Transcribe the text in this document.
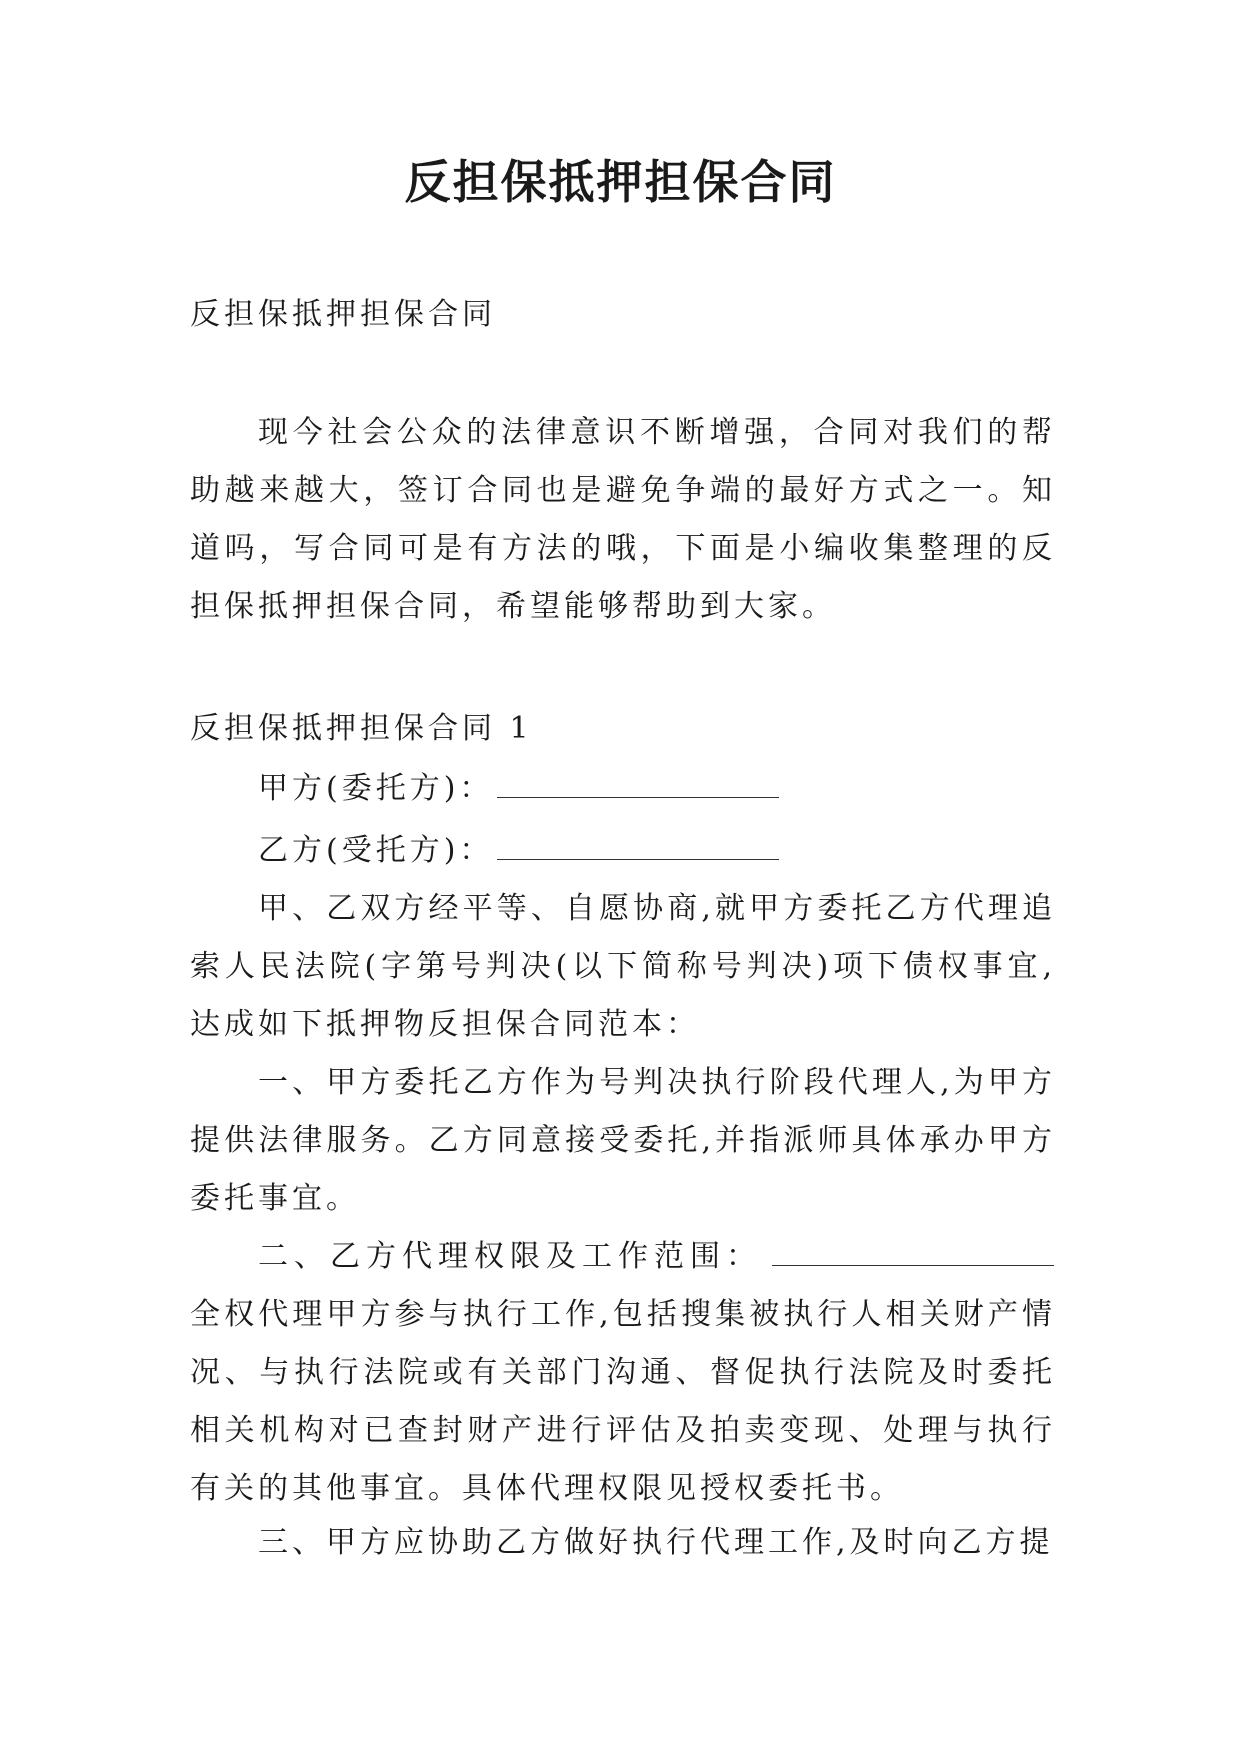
反担保抵押担保合同

反担保抵押担保合同

现今社会公众的法律意识不断增强，合同对我们的帮助越来越大，签订合同也是避免争端的最好方式之一。知道吗，写合同可是有方法的哦，下面是小编收集整理的反担保抵押担保合同，希望能够帮助到大家。

反担保抵押担保合同 1

甲方(委托方)：

乙方(受托方)：

甲、乙双方经平等、自愿协商,就甲方委托乙方代理追索人民法院(字第号判决(以下简称号判决)项下债权事宜,达成如下抵押物反担保合同范本：

一、甲方委托乙方作为号判决执行阶段代理人,为甲方提供法律服务。乙方同意接受委托,并指派师具体承办甲方委托事宜。

二、乙方代理权限及工作范围：全权代理甲方参与执行工作,包括搜集被执行人相关财产情况、与执行法院或有关部门沟通、督促执行法院及时委托相关机构对已查封财产进行评估及拍卖变现、处理与执行有关的其他事宜。具体代理权限见授权委托书。

三、甲方应协助乙方做好执行代理工作,及时向乙方提
